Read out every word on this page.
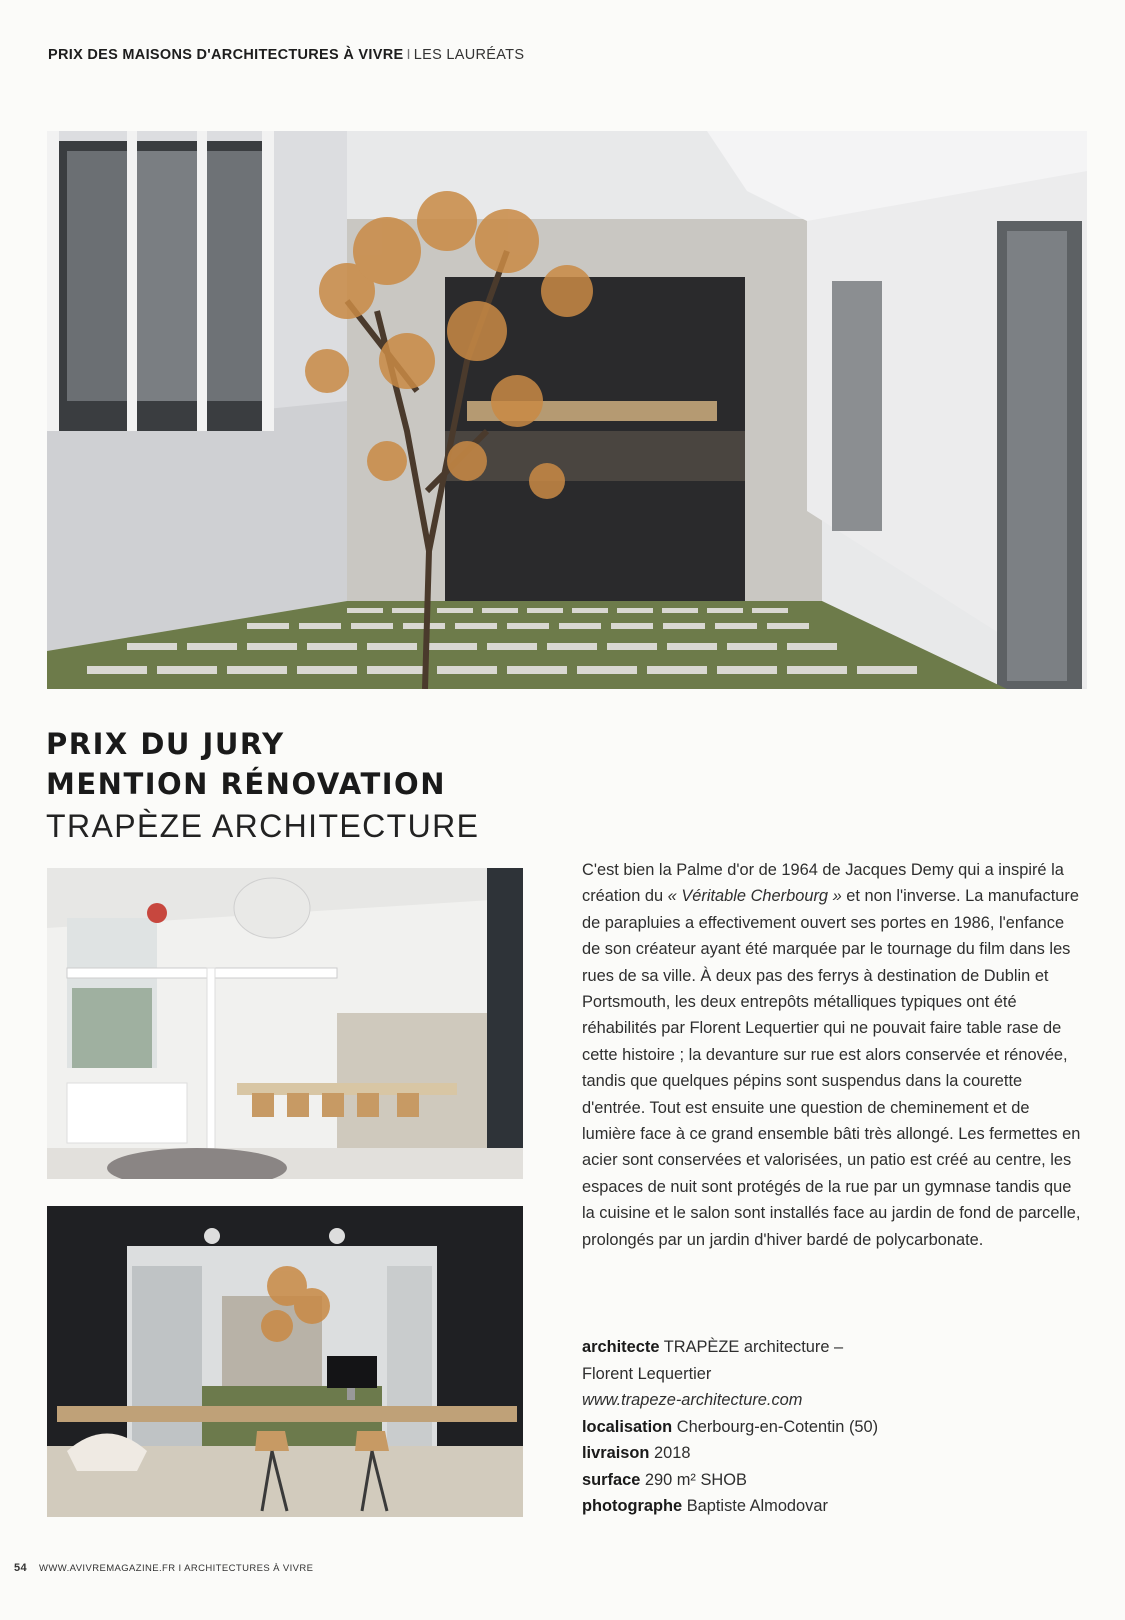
PRIX DES MAISONS D'ARCHITECTURES À VIVRE I LES LAURÉATS
PRIX DU JURY
MENTION RÉNOVATION
TRAPÈZE ARCHITECTURE

C'est bien la Palme d'or de 1964 de Jacques Demy qui a inspiré la création du « Véritable Cherbourg » et non l'inverse. La manufacture de parapluies a effectivement ouvert ses portes en 1986, l'enfance de son créateur ayant été marquée par le tournage du film dans les rues de sa ville. À deux pas des ferrys à destination de Dublin et Portsmouth, les deux entrepôts métalliques typiques ont été réhabilités par Florent Lequertier qui ne pouvait faire table rase de cette histoire ; la devanture sur rue est alors conservée et rénovée, tandis que quelques pépins sont suspendus dans la courette d'entrée. Tout est ensuite une question de cheminement et de lumière face à ce grand ensemble bâti très allongé. Les fermettes en acier sont conservées et valorisées, un patio est créé au centre, les espaces de nuit sont protégés de la rue par un gymnase tandis que la cuisine et le salon sont installés face au jardin de fond de parcelle, prolongés par un jardin d'hiver bardé de polycarbonate.

architecte TRAPÈZE architecture –
Florent Lequertier
www.trapeze-architecture.com
localisation Cherbourg-en-Cotentin (50)
livraison 2018
surface 290 m² SHOB
photographe Baptiste Almodovar
54 WWW.AVIVREMAGAZINE.FR I ARCHITECTURES À VIVRE
